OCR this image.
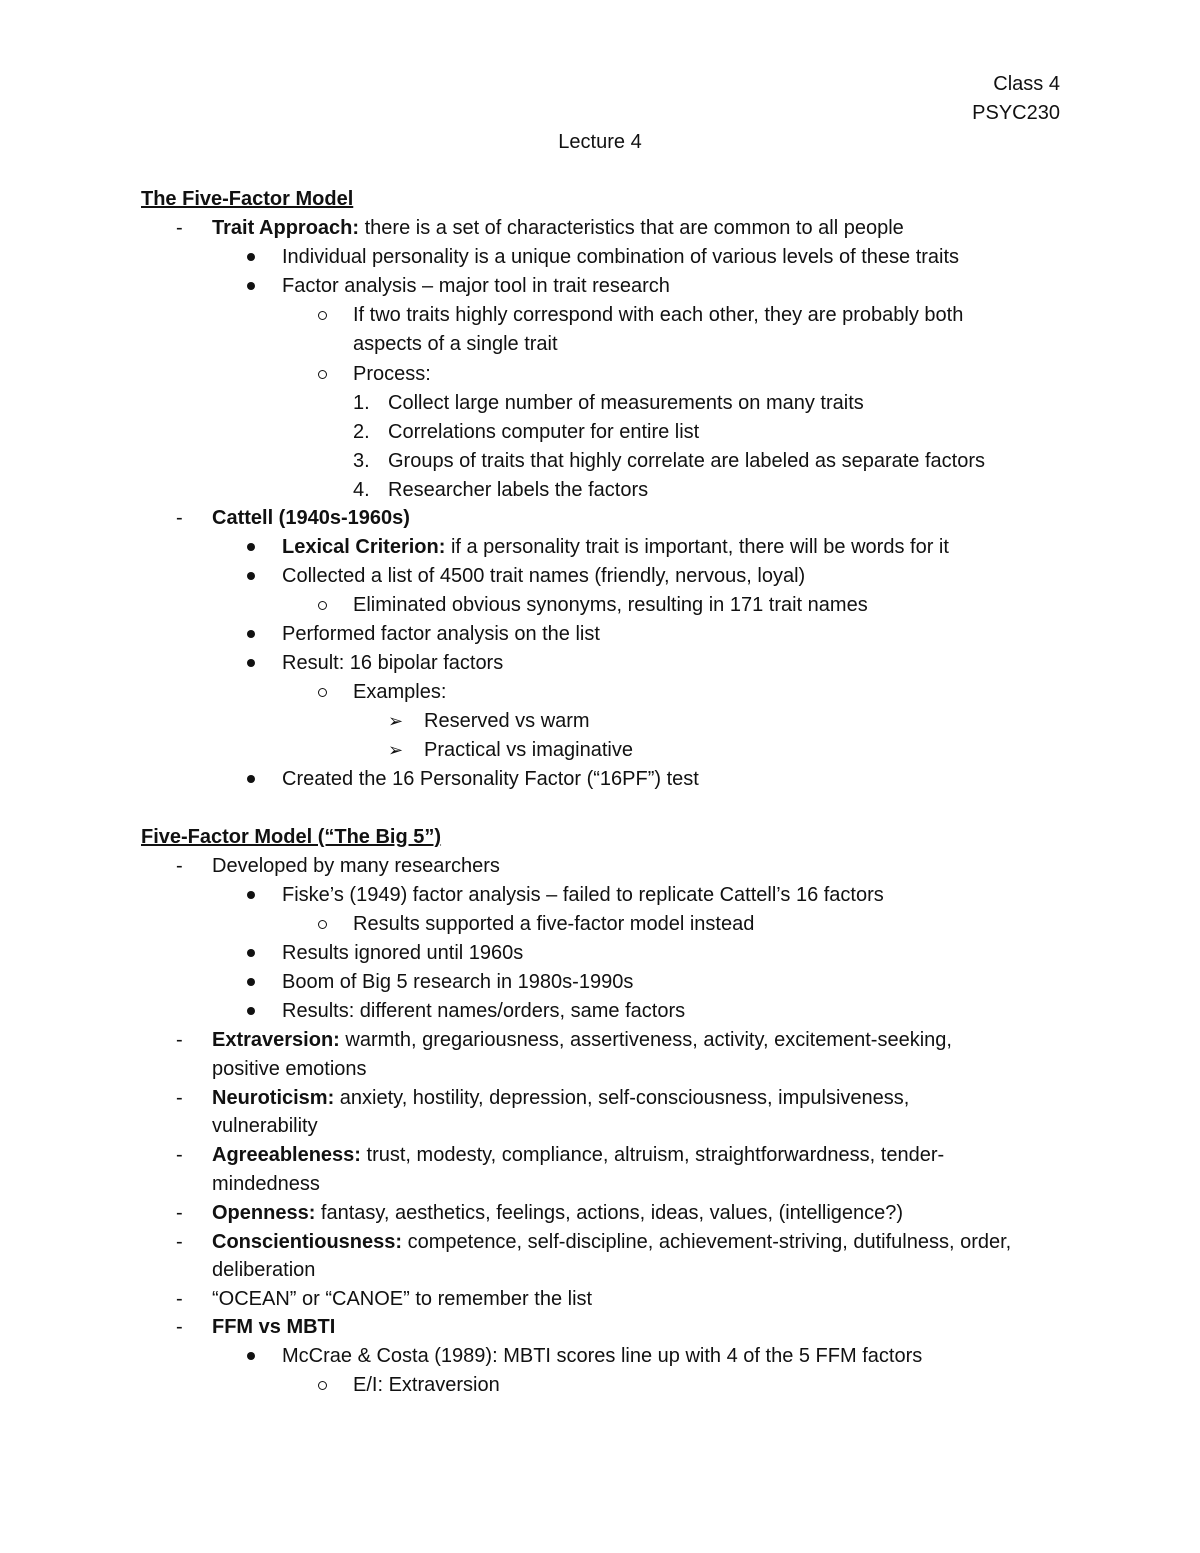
Class 4
PSYC230
Lecture 4
The Five-Factor Model
- Trait Approach: there is a set of characteristics that are common to all people
Individual personality is a unique combination of various levels of these traits
Factor analysis – major tool in trait research
If two traits highly correspond with each other, they are probably both
aspects of a single trait
Process:
1. Collect large number of measurements on many traits
2. Correlations computer for entire list
3. Groups of traits that highly correlate are labeled as separate factors
4. Researcher labels the factors
- Cattell (1940s-1960s)
Lexical Criterion: if a personality trait is important, there will be words for it
Collected a list of 4500 trait names (friendly, nervous, loyal)
Eliminated obvious synonyms, resulting in 171 trait names
Performed factor analysis on the list
Result: 16 bipolar factors
Examples:
➢ Reserved vs warm
➢ Practical vs imaginative
Created the 16 Personality Factor (“16PF”) test
Five-Factor Model (“The Big 5”)
- Developed by many researchers
Fiske’s (1949) factor analysis – failed to replicate Cattell’s 16 factors
Results supported a five-factor model instead
Results ignored until 1960s
Boom of Big 5 research in 1980s-1990s
Results: different names/orders, same factors
- Extraversion: warmth, gregariousness, assertiveness, activity, excitement-seeking,
positive emotions
- Neuroticism: anxiety, hostility, depression, self-consciousness, impulsiveness,
vulnerability
- Agreeableness: trust, modesty, compliance, altruism, straightforwardness, tender-
mindedness
- Openness: fantasy, aesthetics, feelings, actions, ideas, values, (intelligence?)
- Conscientiousness: competence, self-discipline, achievement-striving, dutifulness, order,
deliberation
- “OCEAN” or “CANOE” to remember the list
- FFM vs MBTI
McCrae & Costa (1989): MBTI scores line up with 4 of the 5 FFM factors
E/I: Extraversion
